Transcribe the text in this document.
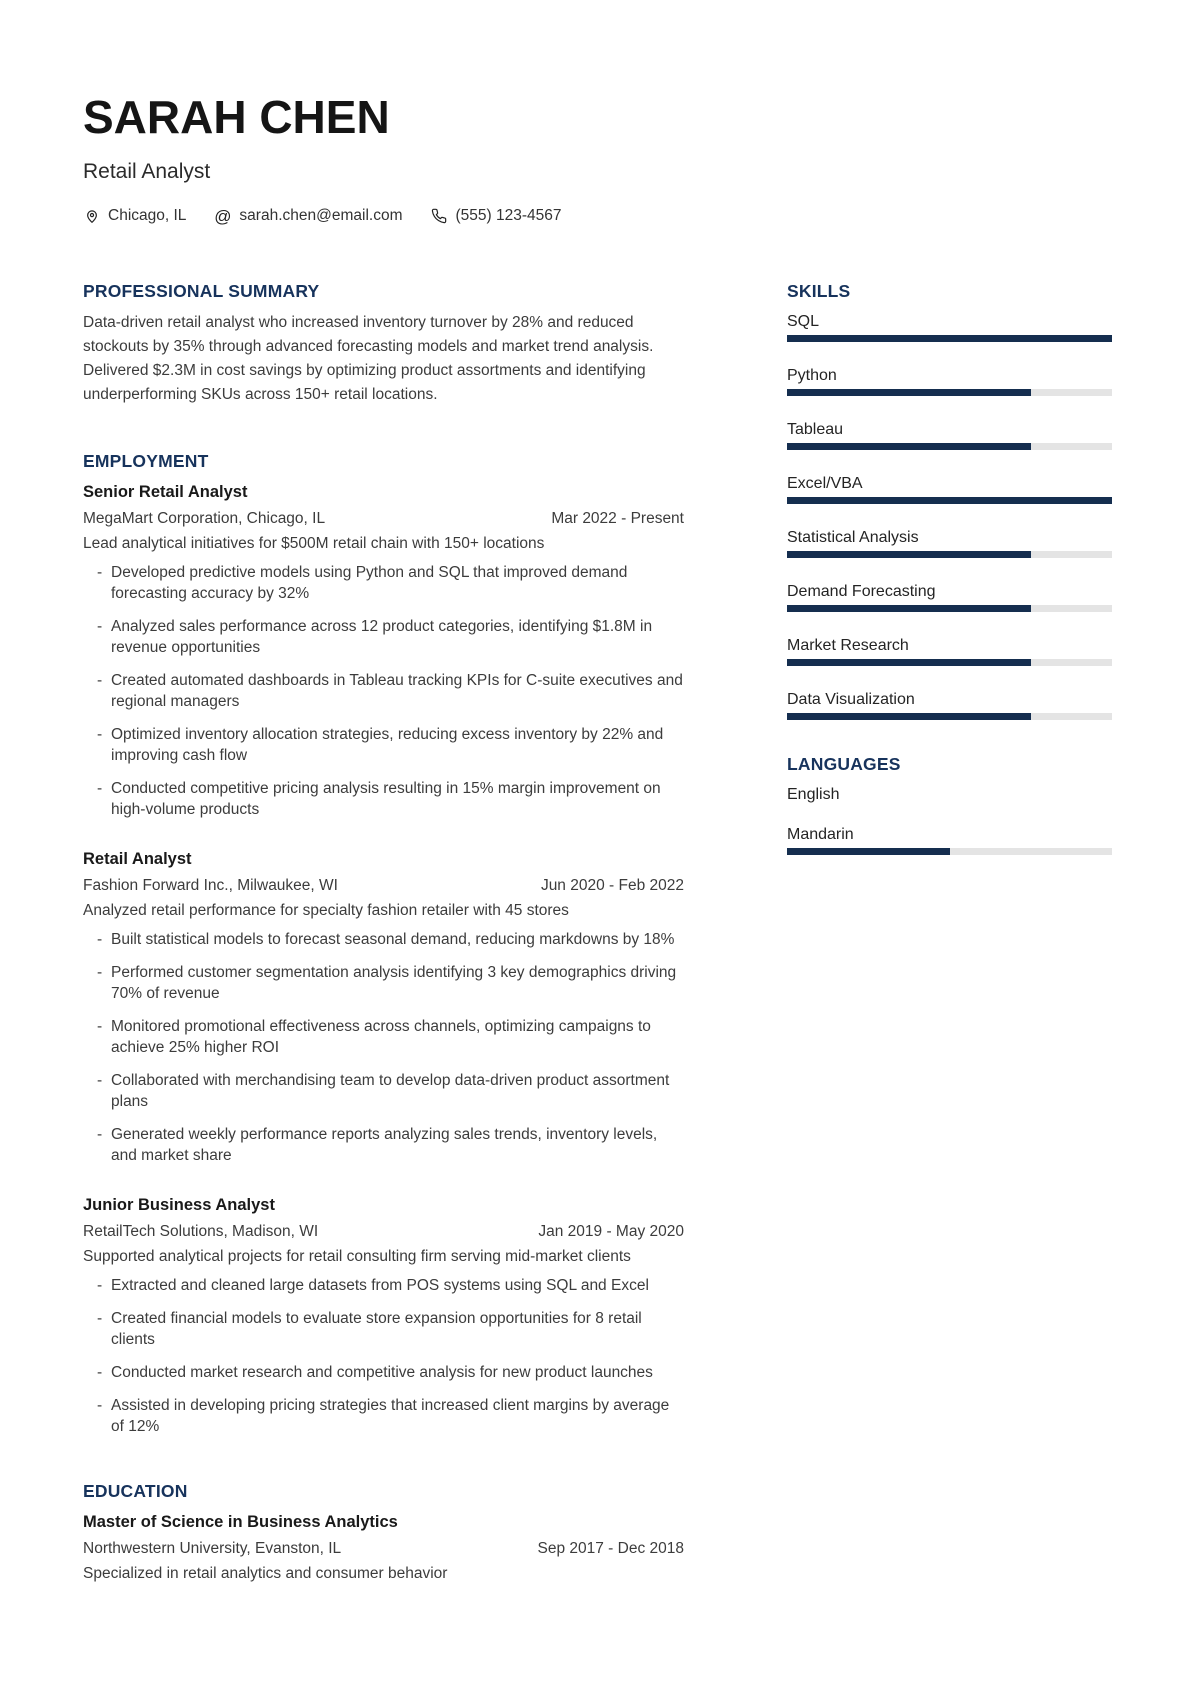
SARAH CHEN
Retail Analyst
Chicago, IL @ sarah.chen@email.com	(555) 123-4567
PROFESSIONAL SUMMARY

Data-driven retail analyst who increased inventory turnover by 28% and reduced stockouts by 35% through advanced forecasting models and market trend analysis. Delivered $2.3M in cost savings by optimizing product assortments and identifying underperforming SKUs across 150+ retail locations.

EMPLOYMENT
Senior Retail Analyst
MegaMart Corporation, Chicago, IL	Mar 2022 - Present
Lead analytical initiatives for $500M retail chain with 150+ locations
- Developed predictive models using Python and SQL that improved demand forecasting accuracy by 32%
- Analyzed sales performance across 12 product categories, identifying $1.8M in revenue opportunities
- Created automated dashboards in Tableau tracking KPIs for C-suite executives and regional managers
- Optimized inventory allocation strategies, reducing excess inventory by 22% and improving cash flow
- Conducted competitive pricing analysis resulting in 15% margin improvement on high-volume products
Retail Analyst
Fashion Forward Inc., Milwaukee, WI	Jun 2020 - Feb 2022
Analyzed retail performance for specialty fashion retailer with 45 stores
- Built statistical models to forecast seasonal demand, reducing markdowns by 18%
- Performed customer segmentation analysis identifying 3 key demographics driving 70% of revenue
- Monitored promotional effectiveness across channels, optimizing campaigns to achieve 25% higher ROI
- Collaborated with merchandising team to develop data-driven product assortment plans
- Generated weekly performance reports analyzing sales trends, inventory levels, and market share
Junior Business Analyst
RetailTech Solutions, Madison, WI	Jan 2019 - May 2020
Supported analytical projects for retail consulting firm serving mid-market clients
- Extracted and cleaned large datasets from POS systems using SQL and Excel
- Created financial models to evaluate store expansion opportunities for 8 retail clients
- Conducted market research and competitive analysis for new product launches
- Assisted in developing pricing strategies that increased client margins by average of 12%
EDUCATION
Master of Science in Business Analytics
Northwestern University, Evanston, IL	Sep 2017 - Dec 2018
Specialized in retail analytics and consumer behavior
SKILLS
SQL
Python
Tableau
Excel/VBA
Statistical Analysis
Demand Forecasting
Market Research
Data Visualization
LANGUAGES
English
Mandarin
